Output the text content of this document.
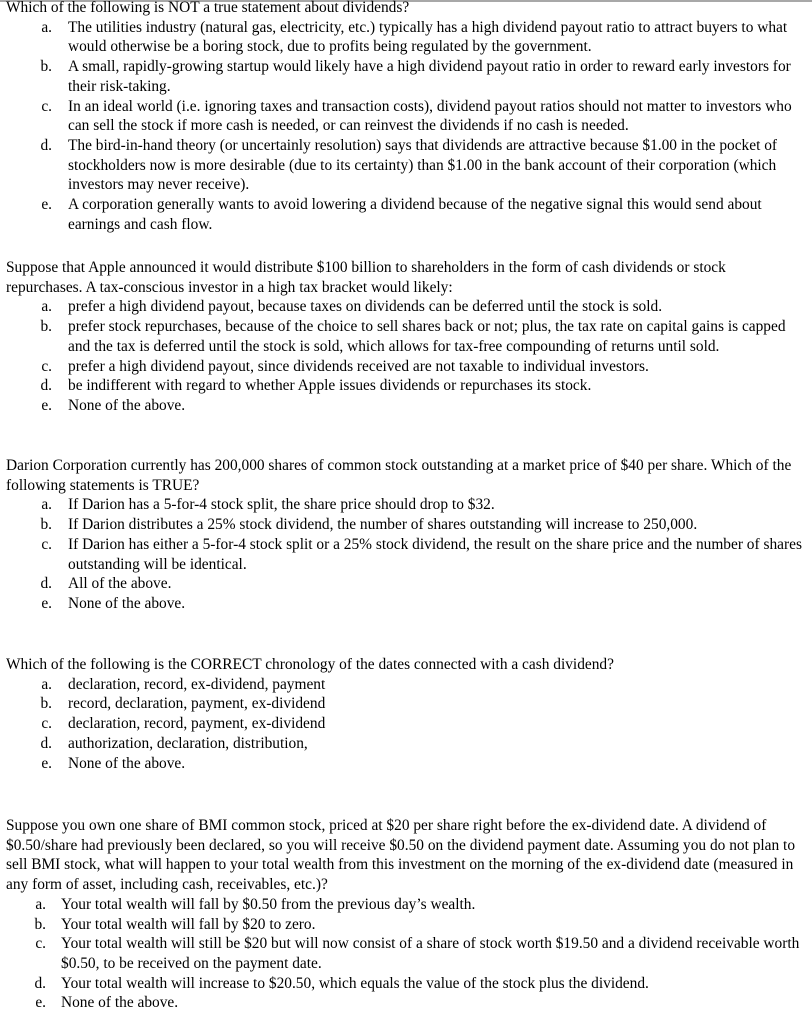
Which of the following is NOT a true statement about dividends?

a. The utilities industry (natural gas, electricity, etc.) typically has a high dividend payout ratio to attract buyers to what would otherwise be a boring stock, due to profits being regulated by the government.
b. A small, rapidly-growing startup would likely have a high dividend payout ratio in order to reward early investors for their risk-taking.
c. In an ideal world (i.e. ignoring taxes and transaction costs), dividend payout ratios should not matter to investors who can sell the stock if more cash is needed, or can reinvest the dividends if no cash is needed.
d. The bird-in-hand theory (or uncertainly resolution) says that dividends are attractive because $1.00 in the pocket of stockholders now is more desirable (due to its certainty) than $1.00 in the bank account of their corporation (which investors may never receive).
e. A corporation generally wants to avoid lowering a dividend because of the negative signal this would send about earnings and cash flow.

Suppose that Apple announced it would distribute $100 billion to shareholders in the form of cash dividends or stock repurchases. A tax-conscious investor in a high tax bracket would likely:

a. prefer a high dividend payout, because taxes on dividends can be deferred until the stock is sold.
b. prefer stock repurchases, because of the choice to sell shares back or not; plus, the tax rate on capital gains is capped and the tax is deferred until the stock is sold, which allows for tax-free compounding of returns until sold.
c. prefer a high dividend payout, since dividends received are not taxable to individual investors.
d. be indifferent with regard to whether Apple issues dividends or repurchases its stock.
e. None of the above.

Darion Corporation currently has 200,000 shares of common stock outstanding at a market price of $40 per share. Which of the following statements is TRUE?

a. If Darion has a 5-for-4 stock split, the share price should drop to $32.
b. If Darion distributes a 25% stock dividend, the number of shares outstanding will increase to 250,000.
c. If Darion has either a 5-for-4 stock split or a 25% stock dividend, the result on the share price and the number of shares outstanding will be identical.
d. All of the above.
e. None of the above.

Which of the following is the CORRECT chronology of the dates connected with a cash dividend?

a. declaration, record, ex-dividend, payment
b. record, declaration, payment, ex-dividend
c. declaration, record, payment, ex-dividend
d. authorization, declaration, distribution,
e. None of the above.

Suppose you own one share of BMI common stock, priced at $20 per share right before the ex-dividend date. A dividend of $0.50/share had previously been declared, so you will receive $0.50 on the dividend payment date. Assuming you do not plan to sell BMI stock, what will happen to your total wealth from this investment on the morning of the ex-dividend date (measured in any form of asset, including cash, receivables, etc.)?

a. Your total wealth will fall by $0.50 from the previous day’s wealth.
b. Your total wealth will fall by $20 to zero.
c. Your total wealth will still be $20 but will now consist of a share of stock worth $19.50 and a dividend receivable worth $0.50, to be received on the payment date.
d. Your total wealth will increase to $20.50, which equals the value of the stock plus the dividend.
e. None of the above.
